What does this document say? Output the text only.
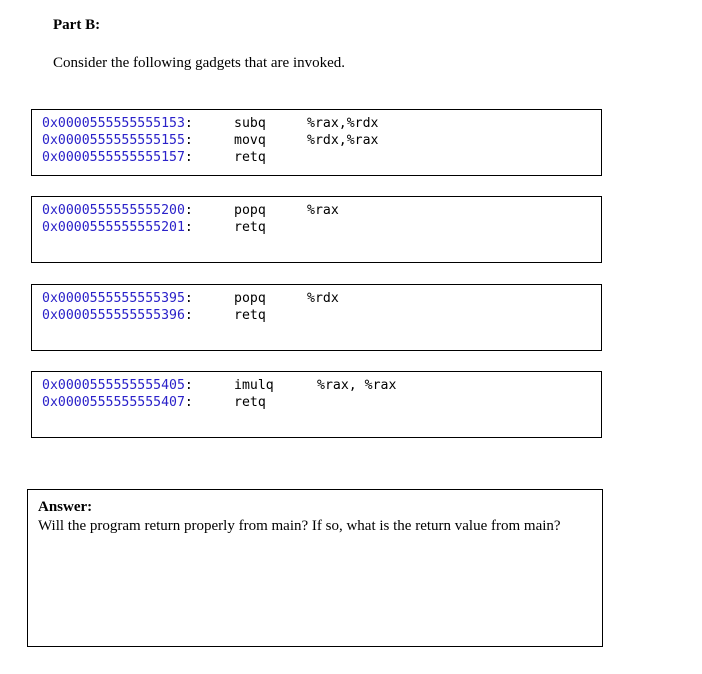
Part B:
Consider the following gadgets that are invoked.
0x0000555555555153:	subq	%rax,%rdx
0x0000555555555155:	movq	%rdx,%rax
0x0000555555555157:	retq
0x0000555555555200:	popq	%rax
0x0000555555555201:	retq
0x0000555555555395:	popq	%rdx
0x0000555555555396:	retq
0x0000555555555405:	imulq	%rax, %rax
0x0000555555555407:	retq
Answer:
Will the program return properly from main? If so, what is the return value from main?
